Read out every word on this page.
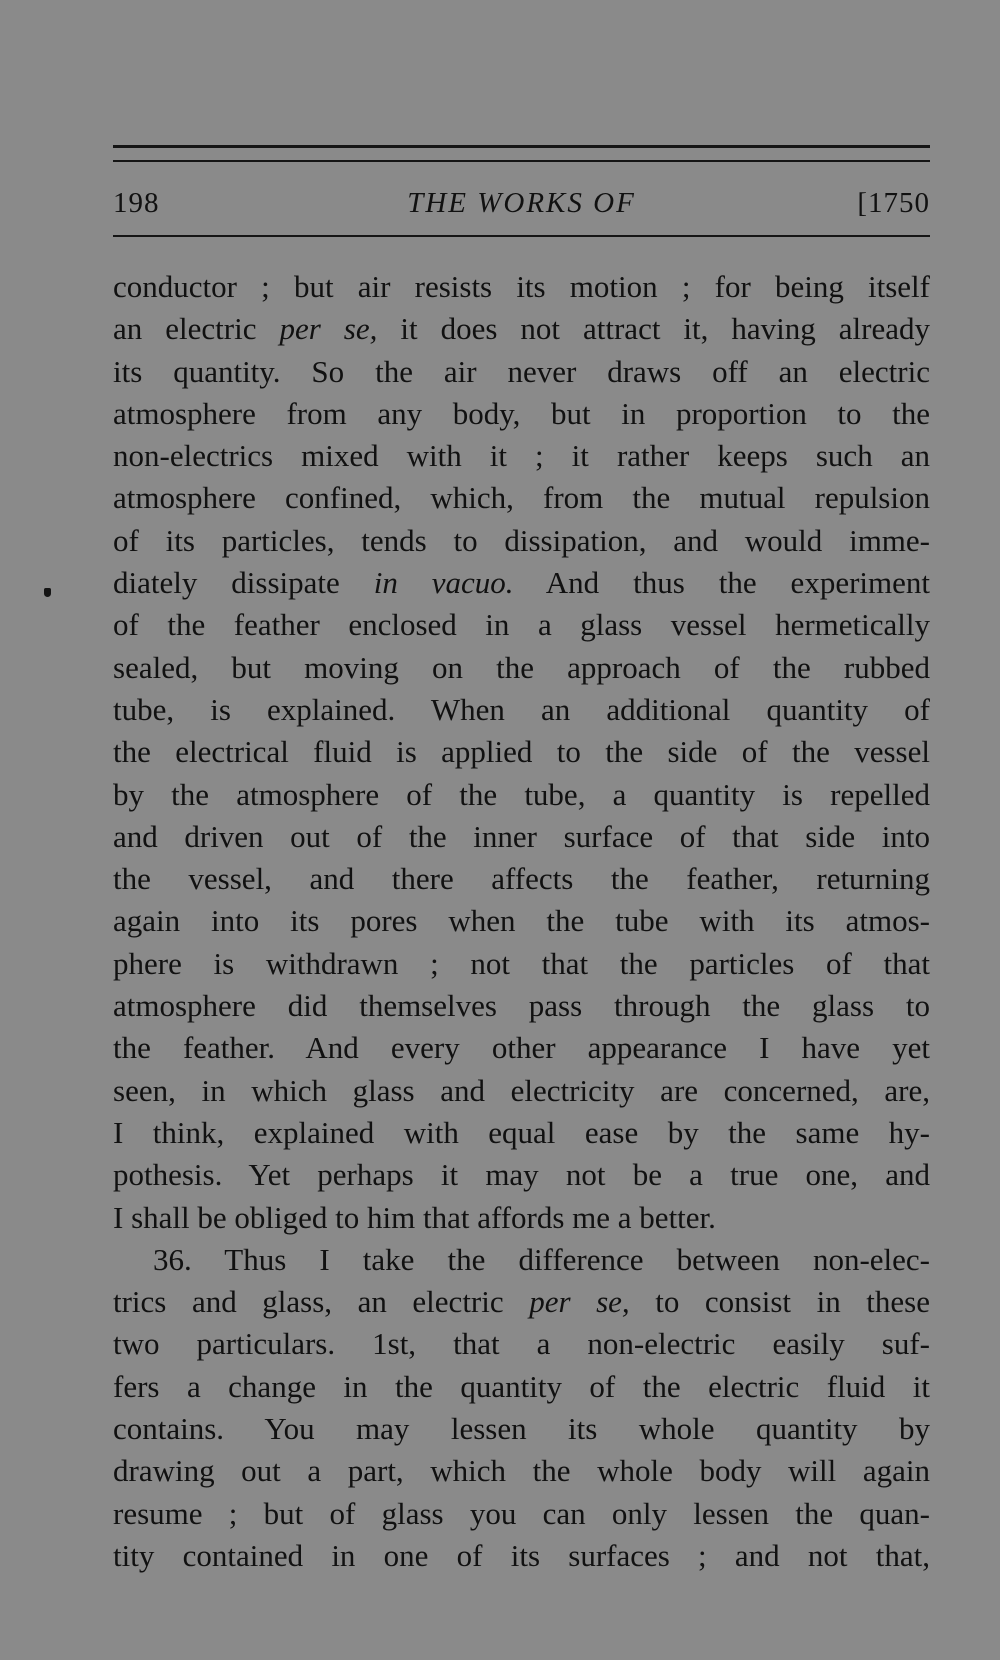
198	THE WORKS OF	[1750
conductor ; but air resists its motion ; for being itself
an electric per se, it does not attract it, having already
its quantity. So the air never draws off an electric
atmosphere from any body, but in proportion to the
non-electrics mixed with it ; it rather keeps such an
atmosphere confined, which, from the mutual repulsion
of its particles, tends to dissipation, and would imme-
diately dissipate in vacuo. And thus the experiment
of the feather enclosed in a glass vessel hermetically
sealed, but moving on the approach of the rubbed
tube, is explained. When an additional quantity of
the electrical fluid is applied to the side of the vessel
by the atmosphere of the tube, a quantity is repelled
and driven out of the inner surface of that side into
the vessel, and there affects the feather, returning
again into its pores when the tube with its atmos-
phere is withdrawn ; not that the particles of that
atmosphere did themselves pass through the glass to
the feather. And every other appearance I have yet
seen, in which glass and electricity are concerned, are,
I think, explained with equal ease by the same hy-
pothesis. Yet perhaps it may not be a true one, and
I shall be obliged to him that affords me a better.
36. Thus I take the difference between non-elec-
trics and glass, an electric per se, to consist in these
two particulars. 1st, that a non-electric easily suf-
fers a change in the quantity of the electric fluid it
contains. You may lessen its whole quantity by
drawing out a part, which the whole body will again
resume ; but of glass you can only lessen the quan-
tity contained in one of its surfaces ; and not that,
